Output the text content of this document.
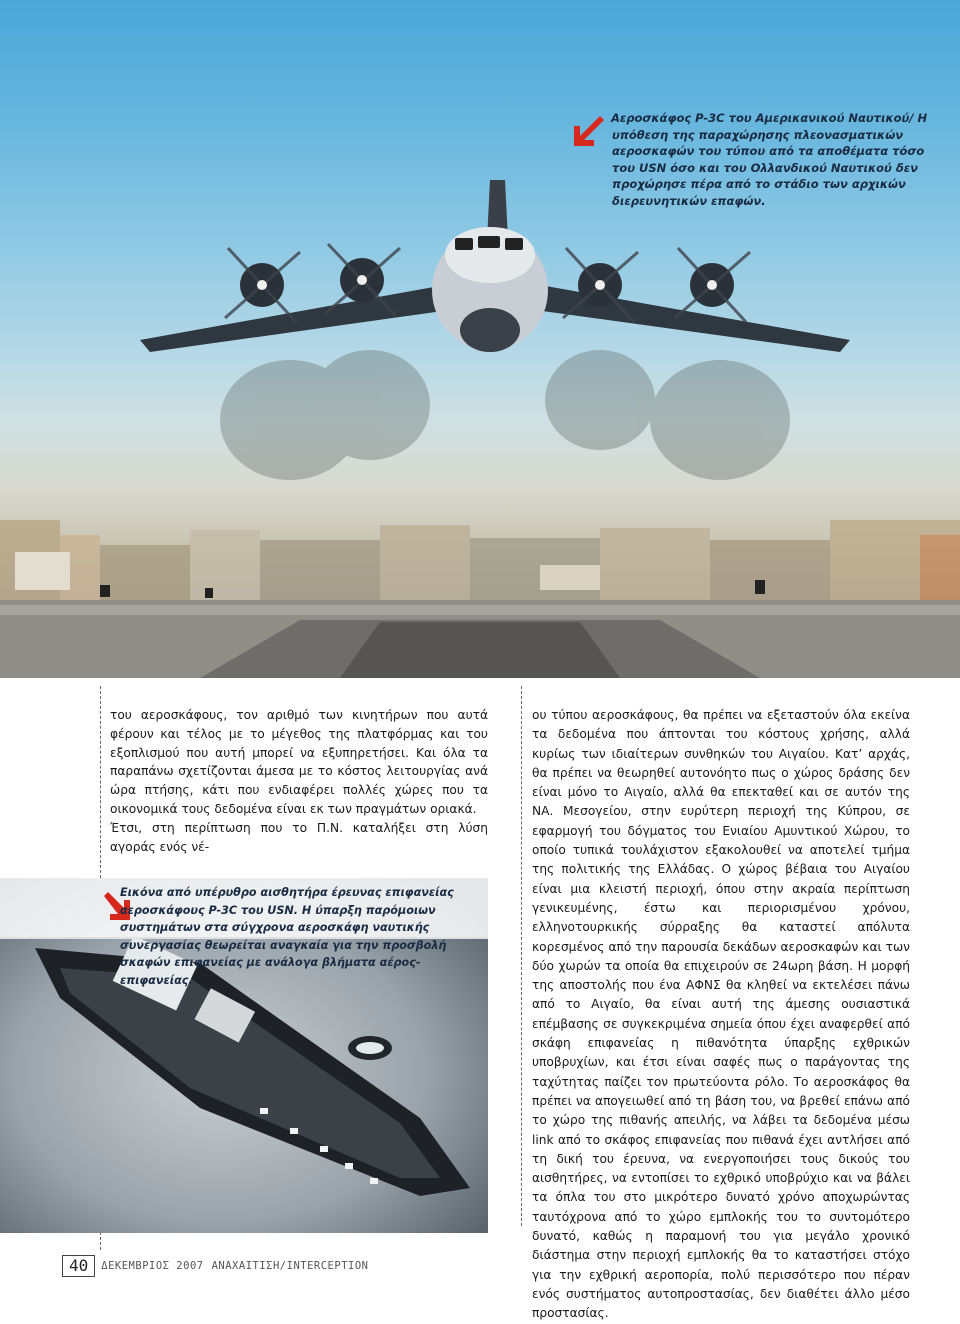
Αεροσκάφος P-3C του Αμερικανικού Ναυτικού/ Η υπόθεση της παραχώρησης πλεονασματικών αεροσκαφών του τύπου από τα αποθέματα τόσο του USN όσο και του Ολλανδικού Ναυτικού δεν προχώρησε πέρα από το στάδιο των αρχικών διερευνητικών επαφών.

του αεροσκάφους, τον αριθμό των κινητήρων που αυτά φέρουν και τέλος με το μέγεθος της πλατφόρμας και του εξοπλισμού που αυτή μπορεί να εξυπηρετήσει. Και όλα τα παραπάνω σχετίζονται άμεσα με το κόστος λειτουργίας ανά ώρα πτήσης, κάτι που ενδιαφέρει πολλές χώρες που τα οικονομικά τους δεδομένα είναι εκ των πραγμάτων οριακά.

Έτσι, στη περίπτωση που το Π.Ν. καταλήξει στη λύση αγοράς ενός νέ-

Εικόνα από υπέρυθρο αισθητήρα έρευνας επιφανείας αεροσκάφους P-3C του USN. Η ύπαρξη παρόμοιων συστημάτων στα σύγχρονα αεροσκάφη ναυτικής συνεργασίας θεωρείται αναγκαία για την προσβολή σκαφών επιφανείας με ανάλογα βλήματα αέρος-επιφανείας.

ου τύπου αεροσκάφους, θα πρέπει να εξεταστούν όλα εκείνα τα δεδομένα που άπτονται του κόστους χρήσης, αλλά κυρίως των ιδιαίτερων συνθηκών του Αιγαίου. Κατ’ αρχάς, θα πρέπει να θεωρηθεί αυτονόητο πως ο χώρος δράσης δεν είναι μόνο το Αιγαίο, αλλά θα επεκταθεί και σε αυτόν της ΝΑ. Μεσογείου, στην ευρύτερη περιοχή της Κύπρου, σε εφαρμογή του δόγματος του Ενιαίου Αμυντικού Χώρου, το οποίο τυπικά τουλάχιστον εξακολουθεί να αποτελεί τμήμα της πολιτικής της Ελλάδας. Ο χώρος βέβαια του Αιγαίου είναι μια κλειστή περιοχή, όπου στην ακραία περίπτωση γενικευμένης, έστω και περιορισμένου χρόνου, ελληνοτουρκικής σύρραξης θα καταστεί απόλυτα κορεσμένος από την παρουσία δεκάδων αεροσκαφών και των δύο χωρών τα οποία θα επιχειρούν σε 24ωρη βάση. Η μορφή της αποστολής που ένα ΑΦΝΣ θα κληθεί να εκτελέσει πάνω από το Αιγαίο, θα είναι αυτή της άμεσης ουσιαστικά επέμβασης σε συγκεκριμένα σημεία όπου έχει αναφερθεί από σκάφη επιφανείας η πιθανότητα ύπαρξης εχθρικών υποβρυχίων, και έτσι είναι σαφές πως ο παράγοντας της ταχύτητας παίζει τον πρωτεύοντα ρόλο. Το αεροσκάφος θα πρέπει να απογειωθεί από τη βάση του, να βρεθεί επάνω από το χώρο της πιθανής απειλής, να λάβει τα δεδομένα μέσω link από το σκάφος επιφανείας που πιθανά έχει αντλήσει από τη δική του έρευνα, να ενεργοποιήσει τους δικούς του αισθητήρες, να εντοπίσει το εχθρικό υποβρύχιο και να βάλει τα όπλα του στο μικρότερο δυνατό χρόνο αποχωρώντας ταυτόχρονα από το χώρο εμπλοκής του το συντομότερο δυνατό, καθώς η παραμονή του για μεγάλο χρονικό διάστημα στην περιοχή εμπλοκής θα το καταστήσει στόχο για την εχθρική αεροπορία, πολύ περισσότερο που πέραν ενός συστήματος αυτοπροστασίας, δεν διαθέτει άλλο μέσο προστασίας.

40	ΔΕΚΕΜΒΡΙΟΣ 2007 ΑΝΑΧΑΙΤΙΣΗ/INTERCEPTION
